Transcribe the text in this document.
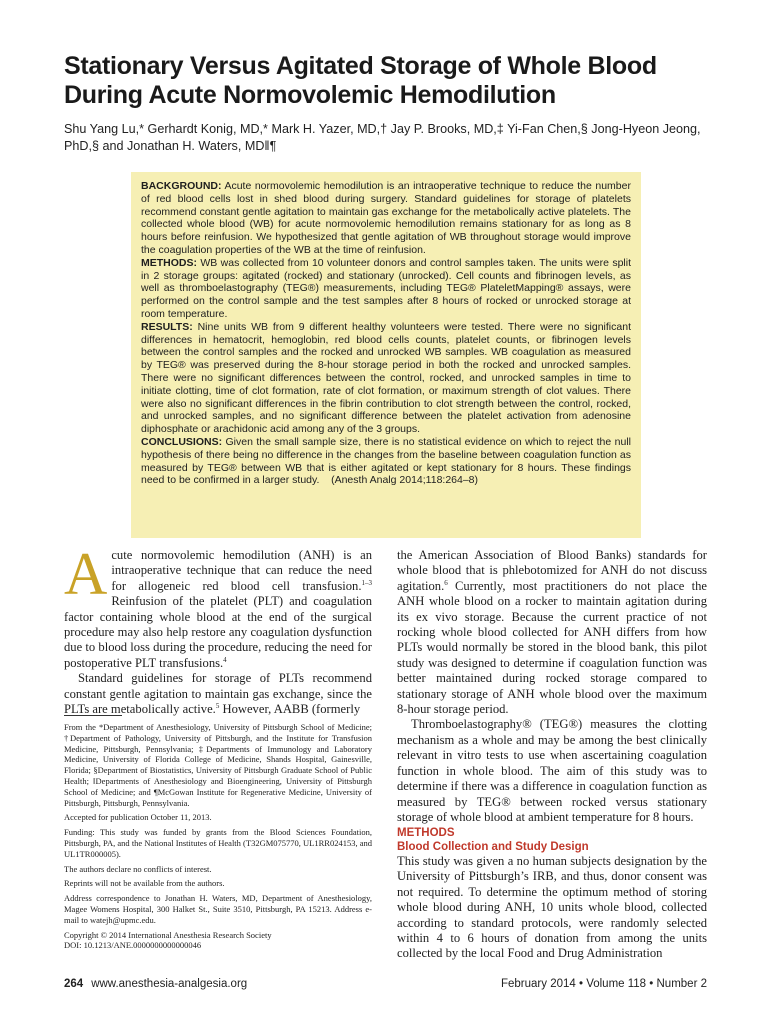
Stationary Versus Agitated Storage of Whole Blood During Acute Normovolemic Hemodilution

Shu Yang Lu,* Gerhardt Konig, MD,* Mark H. Yazer, MD,† Jay P. Brooks, MD,‡ Yi-Fan Chen,§ Jong-Hyeon Jeong, PhD,§ and Jonathan H. Waters, MD‖¶

BACKGROUND: Acute normovolemic hemodilution is an intraoperative technique to reduce the number of red blood cells lost in shed blood during surgery. Standard guidelines for storage of platelets recommend constant gentle agitation to maintain gas exchange for the metabolically active platelets. The collected whole blood (WB) for acute normovolemic hemodilution remains stationary for as long as 8 hours before reinfusion. We hypothesized that gentle agitation of WB throughout storage would improve the coagulation properties of the WB at the time of reinfusion.

METHODS: WB was collected from 10 volunteer donors and control samples taken. The units were split in 2 storage groups: agitated (rocked) and stationary (unrocked). Cell counts and fibrinogen levels, as well as thromboelastography (TEG®) measurements, including TEG® PlateletMapping® assays, were performed on the control sample and the test samples after 8 hours of rocked or unrocked storage at room temperature.

RESULTS: Nine units WB from 9 different healthy volunteers were tested. There were no significant differences in hematocrit, hemoglobin, red blood cells counts, platelet counts, or fibrinogen levels between the control samples and the rocked and unrocked WB samples. WB coagulation as measured by TEG® was preserved during the 8-hour storage period in both the rocked and unrocked samples. There were no significant differences between the control, rocked, and unrocked samples in time to initiate clotting, time of clot formation, rate of clot formation, or maximum strength of clot values. There were also no significant differences in the fibrin contribution to clot strength between the control, rocked, and unrocked samples, and no significant difference between the platelet activation from adenosine diphosphate or arachidonic acid among any of the 3 groups.

CONCLUSIONS: Given the small sample size, there is no statistical evidence on which to reject the null hypothesis of there being no difference in the changes from the baseline between coagulation function as measured by TEG® between WB that is either agitated or kept stationary for 8 hours. These findings need to be confirmed in a larger study. (Anesth Analg 2014;118:264–8)

Acute normovolemic hemodilution (ANH) is an intraoperative technique that can reduce the need for allogeneic red blood cell transfusion.$^{1-3}$ Reinfusion of the platelet (PLT) and coagulation factor containing whole blood at the end of the surgical procedure may also help restore any coagulation dysfunction due to blood loss during the procedure, reducing the need for postoperative PLT transfusions.$^4$

Standard guidelines for storage of PLTs recommend constant gentle agitation to maintain gas exchange, since the PLTs are metabolically active.$^5$ However, AABB (formerly

From the *Department of Anesthesiology, University of Pittsburgh School of Medicine; †Department of Pathology, University of Pittsburgh, and the Institute for Transfusion Medicine, Pittsburgh, Pennsylvania; ‡Departments of Immunology and Laboratory Medicine, University of Florida College of Medicine, Shands Hospital, Gainesville, Florida; §Department of Biostatistics, University of Pittsburgh Graduate School of Public Health; ‖Departments of Anesthesiology and Bioengineering, University of Pittsburgh School of Medicine; and ¶McGowan Institute for Regenerative Medicine, University of Pittsburgh, Pittsburgh, Pennsylvania.

Accepted for publication October 11, 2013.

Funding: This study was funded by grants from the Blood Sciences Foundation, Pittsburgh, PA, and the National Institutes of Health (T32GM075770, UL1RR024153, and UL1TR000005).

The authors declare no conflicts of interest.

Reprints will not be available from the authors.

Address correspondence to Jonathan H. Waters, MD, Department of Anesthesiology, Magee Womens Hospital, 300 Halket St., Suite 3510, Pittsburgh, PA 15213. Address e-mail to watejh@upmc.edu.

Copyright © 2014 International Anesthesia Research Society

DOI: 10.1213/ANE.0000000000000046

the American Association of Blood Banks) standards for whole blood that is phlebotomized for ANH do not discuss agitation.$^6$ Currently, most practitioners do not place the ANH whole blood on a rocker to maintain agitation during its ex vivo storage. Because the current practice of not rocking whole blood collected for ANH differs from how PLTs would normally be stored in the blood bank, this pilot study was designed to determine if coagulation function was better maintained during rocked storage compared to stationary storage of ANH whole blood over the maximum 8-hour storage period.

Thromboelastography® (TEG®) measures the clotting mechanism as a whole and may be among the best clinically relevant in vitro tests to use when ascertaining coagulation function in whole blood. The aim of this study was to determine if there was a difference in coagulation function as measured by TEG® between rocked versus stationary storage of whole blood at ambient temperature for 8 hours.

METHODS
Blood Collection and Study Design

This study was given a no human subjects designation by the University of Pittsburgh’s IRB, and thus, donor consent was not required. To determine the optimum method of storing whole blood during ANH, 10 units whole blood, collected according to standard protocols, were randomly selected within 4 to 6 hours of donation from among the units collected by the local Food and Drug Administration

264 www.anesthesia-analgesia.org	February 2014 • Volume 118 • Number 2
